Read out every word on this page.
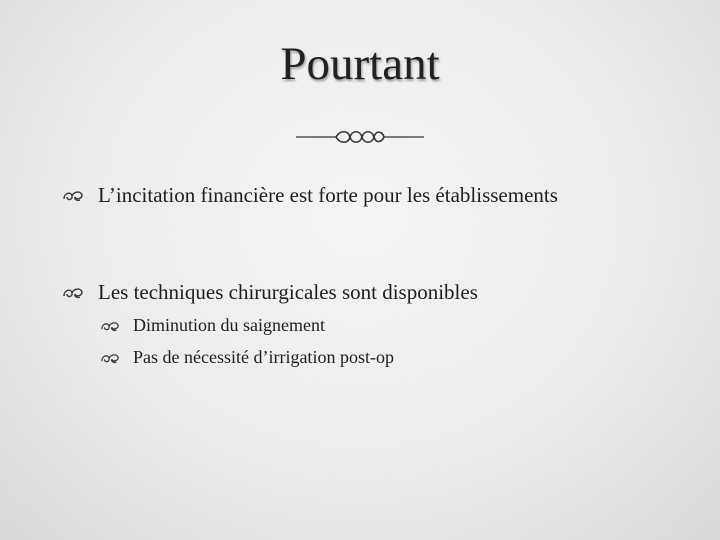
Pourtant
L’incitation financière est forte pour les établissements
Les techniques chirurgicales sont disponibles
Diminution du saignement
Pas de nécessité d’irrigation post-op
